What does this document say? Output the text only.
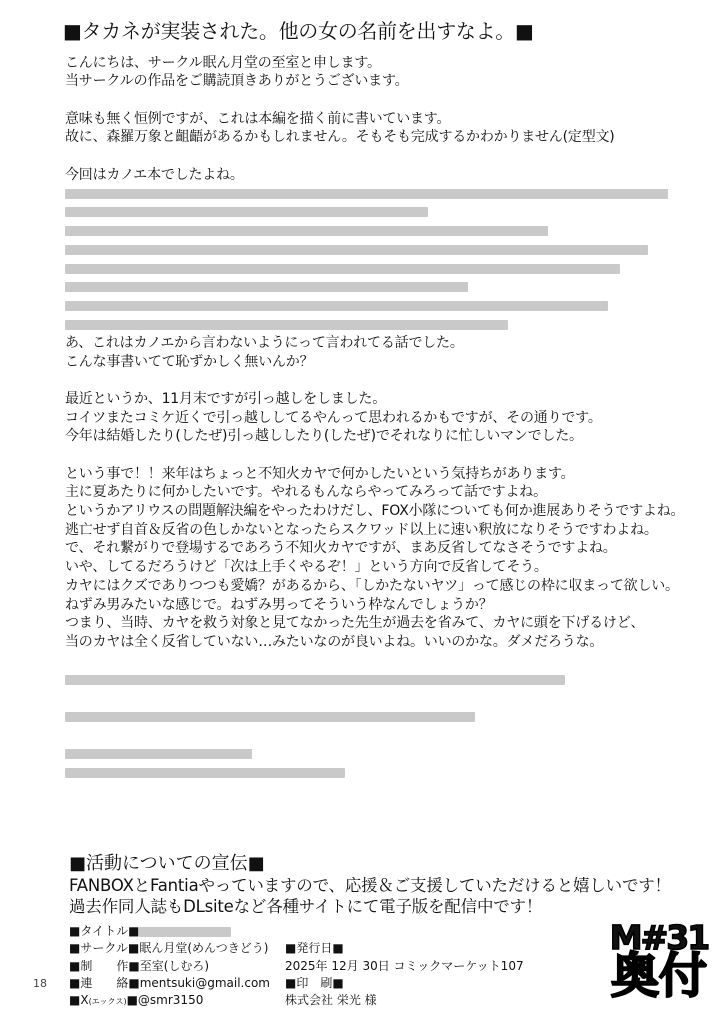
■タカネが実装された。他の女の名前を出すなよ。■
こんにちは、サークル眠ん月堂の至室と申します。
当サークルの作品をご購読頂きありがとうございます。
意味も無く恒例ですが、これは本編を描く前に書いています。
故に、森羅万象と齟齬があるかもしれません。そもそも完成するかわかりません(定型文)
今回はカノエ本でしたよね。
あ、これはカノエから言わないようにって言われてる話でした。
こんな事書いてて恥ずかしく無いんか？
最近というか、11月末ですが引っ越しをしました。
コイツまたコミケ近くで引っ越ししてるやんって思われるかもですが、その通りです。
今年は結婚したり(したぜ)引っ越ししたり(したぜ)でそれなりに忙しいマンでした。
という事で！！来年はちょっと不知火カヤで何かしたいという気持ちがあります。
主に夏あたりに何かしたいです。やれるもんならやってみろって話ですよね。
というかアリウスの問題解決編をやったわけだし、FOX小隊についても何か進展ありそうですよね。
逃亡せず自首＆反省の色しかないとなったらスクワッド以上に速い釈放になりそうですわよね。
で、それ繋がりで登場するであろう不知火カヤですが、まあ反省してなさそうですよね。
いや、してるだろうけど「次は上手くやるぞ！」という方向で反省してそう。
カヤにはクズでありつつも愛嬌？があるから、「しかたないヤツ」って感じの枠に収まって欲しい。
ねずみ男みたいな感じで。ねずみ男ってそういう枠なんでしょうか？
つまり、当時、カヤを救う対象と見てなかった先生が過去を省みて、カヤに頭を下げるけど、
当のカヤは全く反省していない…みたいなのが良いよね。いいのかな。ダメだろうな。
■活動についての宣伝■
FANBOXとFantiaやっていますので、応援＆ご支援していただけると嬉しいです！
過去作同人誌もDLsiteなど各種サイトにて電子版を配信中です！
■タイトル■
■サークル■ 眠ん月堂(めんつきどう)
■制　　作■ 至室(しむろ)
■連　　絡■ mentsuki@gmail.com
■X(エックス)■ @smr3150
■発行日■
2025年 12月 30日 コミックマーケット107
■印　刷■
株式会社 栄光 様
18
M#31
奥付
